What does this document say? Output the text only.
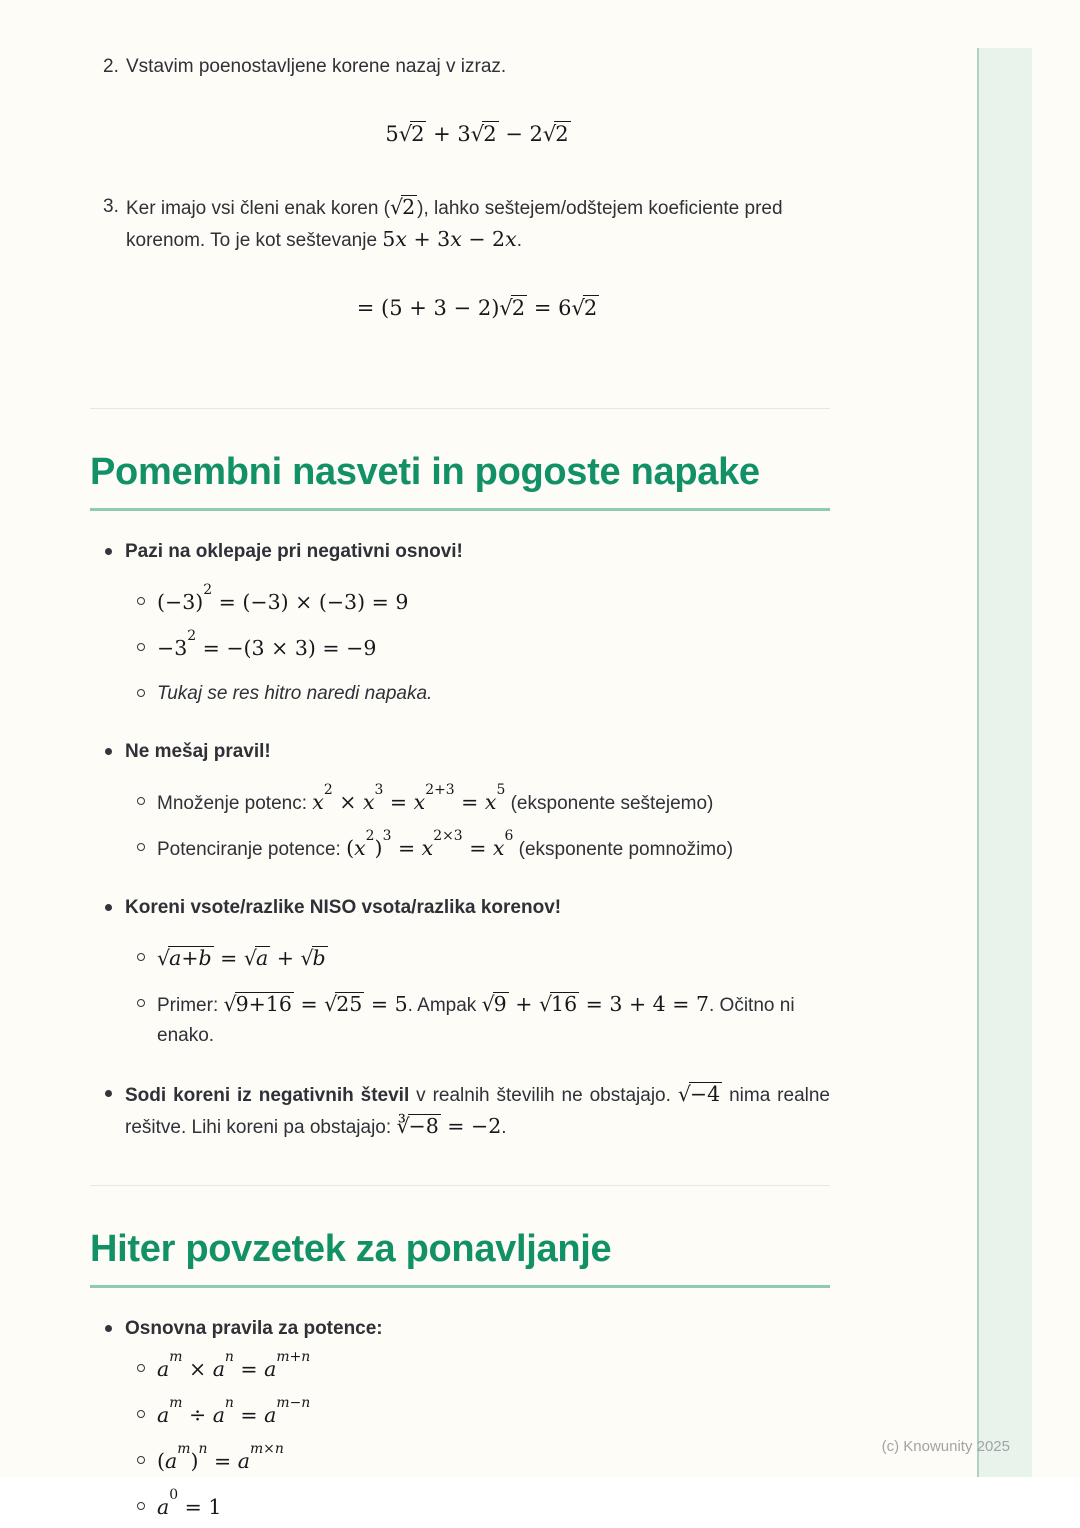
2. Vstavim poenostavljene korene nazaj v izraz.
5√2 + 3√2 − 2√2
3. Ker imajo vsi členi enak koren (√2 ), lahko seštejem/odštejem koeficiente pred korenom. To je kot seštevanje 5x + 3x − 2x.
= (5 + 3 − 2)√2 = 6√2
Pomembni nasveti in pogoste napake
Pazi na oklepaje pri negativni osnovi!
$(-3)^2 = (-3) \times (-3) = 9$
$-3^2 = -(3 \times 3) = -9$
Tukaj se res hitro naredi napaka.
Ne mešaj pravil!
Množenje potenc: $x^2 \times x^3 = x^{2+3} = x^5$ (eksponente seštejemo)
Potenciranje potence: $(x^2)^3 = x^{2\times 3} = x^6$ (eksponente pomnožimo)
Koreni vsote/razlike NISO vsota/razlika korenov!
√a+b = √a + √b
Primer: √9+16 = √25 = 5. Ampak √9 + √16 = 3 + 4 = 7. Očitno ni enako.
Sodi koreni iz negativnih števil v realnih številih ne obstajajo. √−4 nima realne rešitve. Lihi koreni pa obstajajo: ∛−8 = −2.
Hiter povzetek za ponavljanje
Osnovna pravila za potence:
$a^m \times a^n = a^{m+n}$
$a^m \div a^n = a^{m-n}$
$(a^m)^n = a^{m\times n}$
$a^0 = 1$
(c) Knowunity 2025
